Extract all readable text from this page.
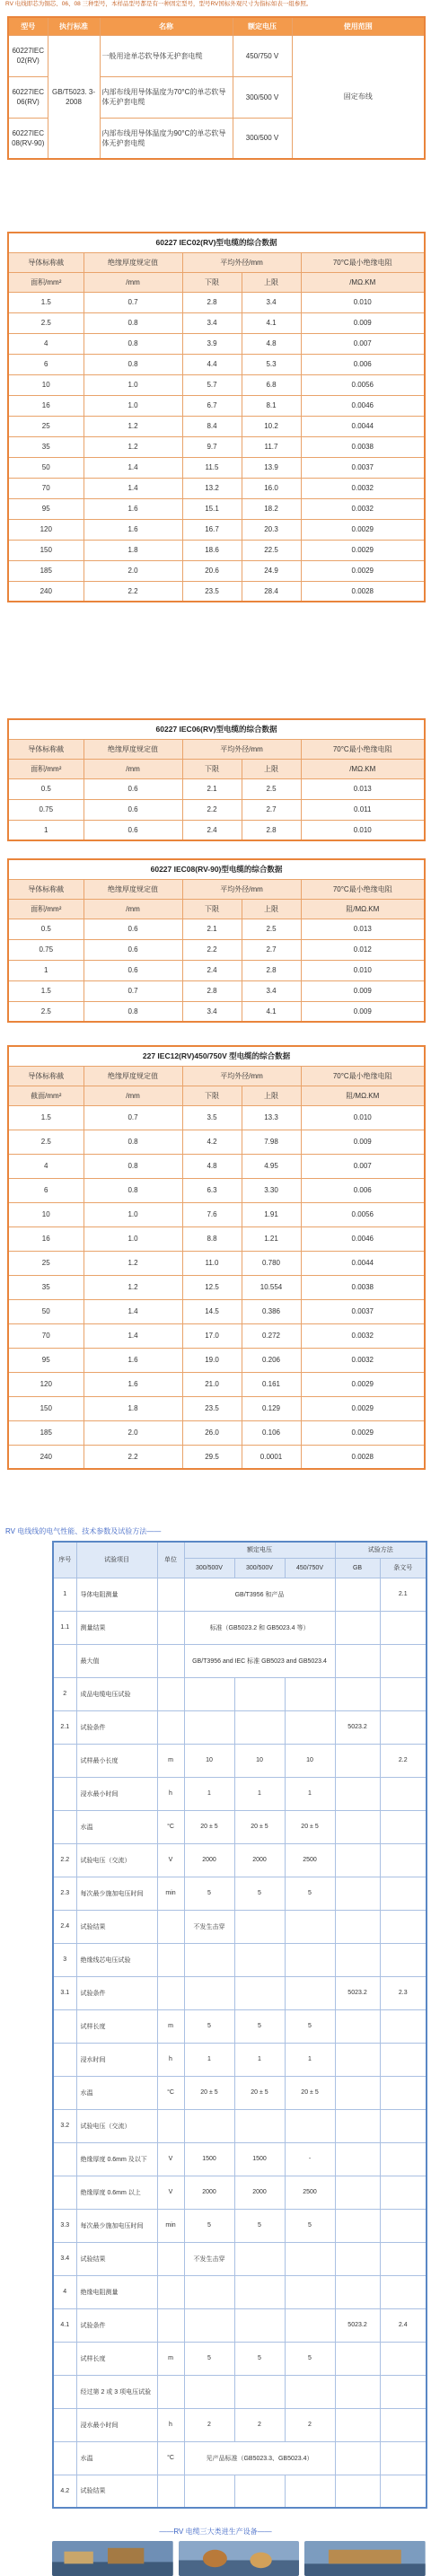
RV 电线即芯为铜芯、06、08 三种型号，本样品型号都是有一种固定型号，型号RV国标外观尺寸为指标如表一组参照。
型号	执行标准	名称	额定电压	使用范围
60227IEC 02(RV)	GB/T5023. 3-2008	一般用途单芯软导体无护套电缆	450/750 V	固定布线
60227IEC 06(RV)		内部布线用导体温度为70°C的单芯软导体无护套电缆	300/500 V	
60227IEC 08(RV-90)		内部布线用导体温度为90°C的单芯软导体无护套电缆	300/500 V	
60227 IEC02(RV)型电缆的综合数据				
导体标称截	绝缘厚度规定值	平均外径/mm		70°C最小绝缘电阻
面积/mm²	/mm	下限	上限	/MΩ.KM
1.5	0.7	2.8	3.4	0.010
2.5	0.8	3.4	4.1	0.009
4	0.8	3.9	4.8	0.007
6	0.8	4.4	5.3	0.006
10	1.0	5.7	6.8	0.0056
16	1.0	6.7	8.1	0.0046
25	1.2	8.4	10.2	0.0044
35	1.2	9.7	11.7	0.0038
50	1.4	11.5	13.9	0.0037
70	1.4	13.2	16.0	0.0032
95	1.6	15.1	18.2	0.0032
120	1.6	16.7	20.3	0.0029
150	1.8	18.6	22.5	0.0029
185	2.0	20.6	24.9	0.0029
240	2.2	23.5	28.4	0.0028
60227 IEC06(RV)型电缆的综合数据				
导体标称截	绝缘厚度规定值	平均外径/mm		70°C最小绝缘电阻
面积/mm²	/mm	下限	上限	/MΩ.KM
0.5	0.6	2.1	2.5	0.013
0.75	0.6	2.2	2.7	0.011
1	0.6	2.4	2.8	0.010
60227 IEC08(RV-90)型电缆的综合数据				
导体标称截	绝缘厚度规定值	平均外径/mm		70°C最小绝缘电阻
面积/mm²	/mm	下限	上限	阻/MΩ.KM
0.5	0.6	2.1	2.5	0.013
0.75	0.6	2.2	2.7	0.012
1	0.6	2.4	2.8	0.010
1.5	0.7	2.8	3.4	0.009
2.5	0.8	3.4	4.1	0.009
227 IEC12(RV)450/750V 型电缆的综合数据				
导体标称截	绝缘厚度规定值	平均外径/mm		70°C最小绝缘电阻
截面/mm²	/mm	下限	上限	阻/MΩ.KM
1.5	0.7	3.5	13.3	0.010
2.5	0.8	4.2	7.98	0.009
4	0.8	4.8	4.95	0.007
6	0.8	6.3	3.30	0.006
10	1.0	7.6	1.91	0.0056
16	1.0	8.8	1.21	0.0046
25	1.2	11.0	0.780	0.0044
35	1.2	12.5	10.554	0.0038
50	1.4	14.5	0.386	0.0037
70	1.4	17.0	0.272	0.0032
95	1.6	19.0	0.206	0.0032
120	1.6	21.0	0.161	0.0029
150	1.8	23.5	0.129	0.0029
185	2.0	26.0	0.106	0.0029
240	2.2	29.5	0.0001	0.0028
RV 电线线的电气性能、技术参数及试验方法——
序号	试验项目	单位	额定电压			试验方法	
			300/500V	300/500V	450/750V	GB	条文号
1	导体电阻测量		GB/T3956 和产品				2.1
1.1	测量结果		标准（GB5023.2 和 GB5023.4 等）				
	最大值		GB/T3956 and IEC 标准 GB5023 and GB5023.4				
2	成品电缆电压试验						
2.1	试验条件					5023.2	
	试样最小长度	m	10	10	10		2.2
	浸水最小时间	h	1	1	1		
	水温	°C	20 ± 5	20 ± 5	20 ± 5		
2.2	试验电压（交流）	V	2000	2000	2500		
2.3	每次最少施加电压时间	min	5	5	5		
2.4	试验结果		不发生击穿				
3	绝缘线芯电压试验						
3.1	试验条件					5023.2	2.3
	试样长度	m	5	5	5		
	浸水时间	h	1	1	1		
	水温	°C	20 ± 5	20 ± 5	20 ± 5		
3.2	试验电压（交流）						
	绝缘厚度 0.6mm 及以下	V	1500	1500	-		
	绝缘厚度 0.6mm 以上	V	2000	2000	2500		
3.3	每次最少施加电压时间	min	5	5	5		
3.4	试验结果		不发生击穿				
4	绝缘电阻测量						
4.1	试验条件					5023.2	2.4
	试样长度	m	5	5	5		
	经过第 2 或 3 项电压试验						
	浸水最小时间	h	2	2	2		
	水温	°C	见产品标准（GB5023.3、GB5023.4）				
4.2	试验结果						
——RV 电缆三大类进生产设备——
